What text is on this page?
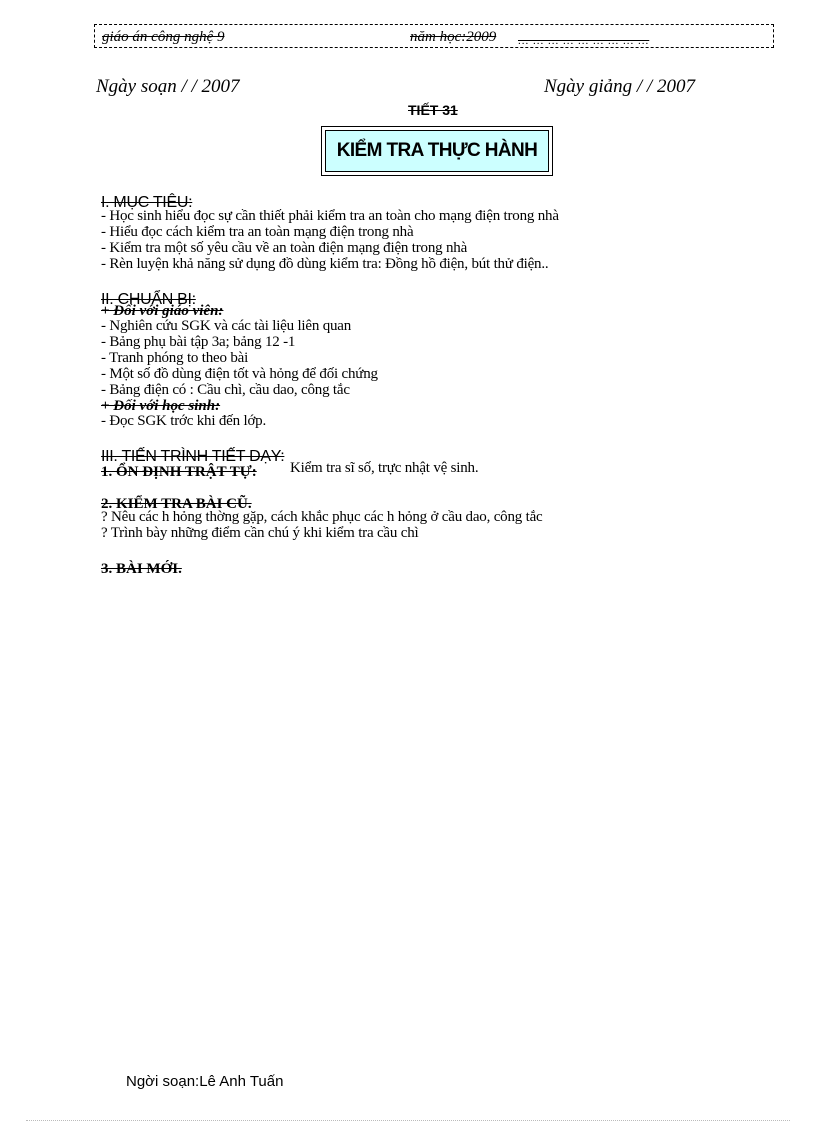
giáo án công nghệ 9	năm học:2009 ... ... ... ... ... ... ... ... ...
Ngày soạn / / 2007	Ngày giảng / / 2007
TIẾT 31
KIỂM TRA THỰC HÀNH
I. MỤC TIÊU:
- Học sinh hiểu đọc sự cần thiết phải kiểm tra an toàn cho mạng điện trong nhà
- Hiểu đọc cách kiểm tra an toàn mạng điện trong nhà
- Kiểm tra một số yêu cầu về an toàn điện mạng điện trong nhà
- Rèn luyện khả năng sử dụng đồ dùng kiểm tra: Đồng hồ điện, bút thử điện..
II. CHUẨN BỊ:
+ Đối với giáo viên:
- Nghiên cứu SGK và các tài liệu liên quan
- Bảng phụ bài tập 3a; bảng 12 -1
- Tranh phóng to theo bài
- Một số đồ dùng điện tốt và hỏng để đối chứng
- Bảng điện có : Cầu chì, cầu dao, công tắc
+ Đối với học sinh:
- Đọc SGK trớc khi đến lớp.
III. TIẾN TRÌNH TIẾT DẠY:
1. ỔN ĐỊNH TRẬT TỰ: Kiểm tra sĩ số, trực nhật vệ sinh.
2. KIỂM TRA BÀI CŨ.
? Nêu các h hỏng thờng gặp, cách khắc phục các h hỏng ở cầu dao, công tắc
? Trình bày những điểm cần chú ý khi kiểm tra cầu chì
3. BÀI MỚI.
Ngời soạn:Lê Anh Tuấn
